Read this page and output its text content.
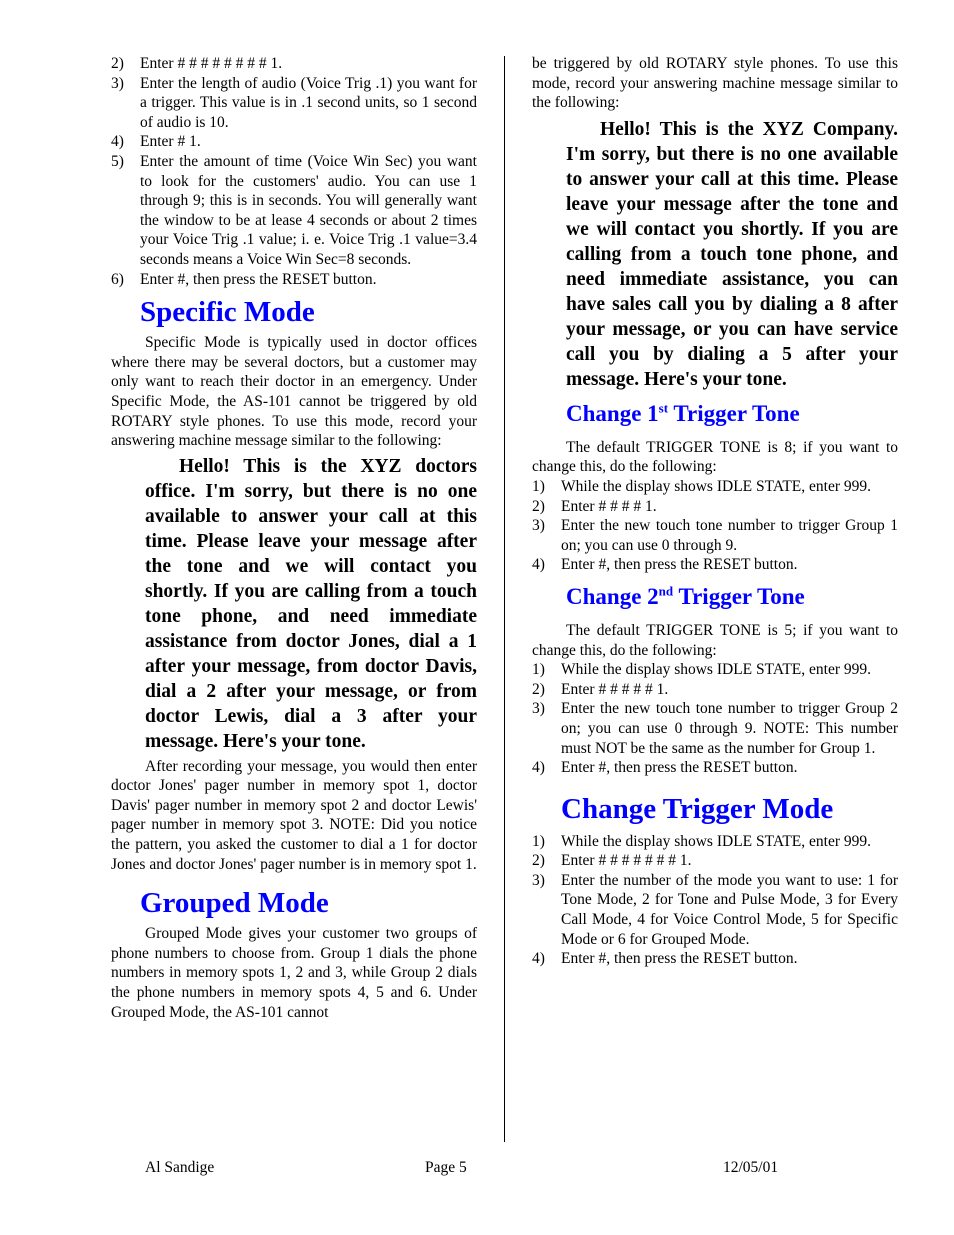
2) Enter # # # # # # # # 1.
3) Enter the length of audio (Voice Trig .1) you want for a trigger. This value is in .1 second units, so 1 second of audio is 10.
4) Enter # 1.
5) Enter the amount of time (Voice Win Sec) you want to look for the customers' audio. You can use 1 through 9; this is in seconds. You will generally want the window to be at lease 4 seconds or about 2 times your Voice Trig .1 value; i. e. Voice Trig .1 value=3.4 seconds means a Voice Win Sec=8 seconds.
6) Enter #, then press the RESET button.
Specific Mode

Specific Mode is typically used in doctor offices where there may be several doctors, but a customer may only want to reach their doctor in an emergency. Under Specific Mode, the AS-101 cannot be triggered by old ROTARY style phones. To use this mode, record your answering machine message similar to the following:

Hello! This is the XYZ doctors office. I'm sorry, but there is no one available to answer your call at this time. Please leave your message after the tone and we will contact you shortly. If you are calling from a touch tone phone, and need immediate assistance from doctor Jones, dial a 1 after your message, from doctor Davis, dial a 2 after your message, or from doctor Lewis, dial a 3 after your message. Here's your tone.

After recording your message, you would then enter doctor Jones' pager number in memory spot 1, doctor Davis' pager number in memory spot 2 and doctor Lewis' pager number in memory spot 3. NOTE: Did you notice the pattern, you asked the customer to dial a 1 for doctor Jones and doctor Jones' pager number is in memory spot 1.

Grouped Mode

Grouped Mode gives your customer two groups of phone numbers to choose from. Group 1 dials the phone numbers in memory spots 1, 2 and 3, while Group 2 dials the phone numbers in memory spots 4, 5 and 6. Under Grouped Mode, the AS-101 cannot

be triggered by old ROTARY style phones. To use this mode, record your answering machine message similar to the following:

Hello! This is the XYZ Company. I'm sorry, but there is no one available to answer your call at this time. Please leave your message after the tone and we will contact you shortly. If you are calling from a touch tone phone, and need immediate assistance, you can have sales call you by dialing a 8 after your message, or you can have service call you by dialing a 5 after your message. Here's your tone.

Change 1st Trigger Tone

The default TRIGGER TONE is 8; if you want to change this, do the following:

1) While the display shows IDLE STATE, enter 999.
2) Enter # # # # 1.
3) Enter the new touch tone number to trigger Group 1 on; you can use 0 through 9.
4) Enter #, then press the RESET button.
Change 2nd Trigger Tone

The default TRIGGER TONE is 5; if you want to change this, do the following:

1) While the display shows IDLE STATE, enter 999.
2) Enter # # # # # 1.
3) Enter the new touch tone number to trigger Group 2 on; you can use 0 through 9. NOTE: This number must NOT be the same as the number for Group 1.
4) Enter #, then press the RESET button.
Change Trigger Mode
1) While the display shows IDLE STATE, enter 999.
2) Enter # # # # # # # 1.
3) Enter the number of the mode you want to use: 1 for Tone Mode, 2 for Tone and Pulse Mode, 3 for Every Call Mode, 4 for Voice Control Mode, 5 for Specific Mode or 6 for Grouped Mode.
4) Enter #, then press the RESET button.
Al Sandige	Page 5	12/05/01
